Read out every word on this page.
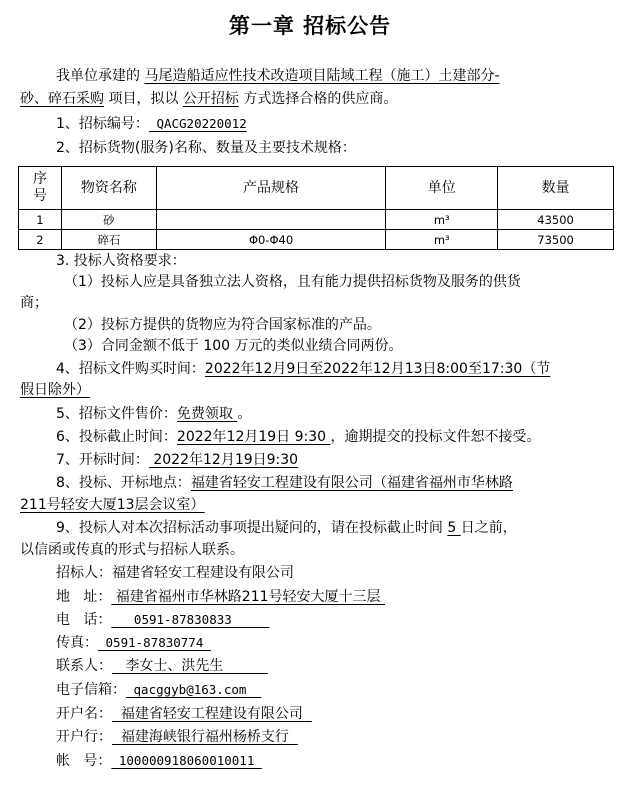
第一章 招标公告
我单位承建的 马尾造船适应性技术改造项目陆域工程（施工）土建部分-
砂、碎石采购 项目，拟以 公开招标 方式选择合格的供应商。
1、招标编号： QACG20220012
2、招标货物(服务)名称、数量及主要技术规格：
序号	物资名称	产品规格	单位	数量
1	砂		m³	43500
2	碎石	Φ0-Φ40	m³	73500
3. 投标人资格要求：
（1）投标人应是具备独立法人资格，且有能力提供招标货物及服务的供货
商；
（2）投标方提供的货物应为符合国家标准的产品。
（3）合同金额不低于 100 万元的类似业绩合同两份。
4、招标文件购买时间：2022年12月9日至2022年12月13日8:00至17:30（节
假日除外）
5、招标文件售价：免费领取 。
6、投标截止时间：2022年12月19日 9:30 ，逾期提交的投标文件恕不接受。
7、开标时间： 2022年12月19日9:30
8、投标、开标地点：福建省轻安工程建设有限公司（福建省福州市华林路
211号轻安大厦13层会议室）
9、投标人对本次招标活动事项提出疑问的，请在投标截止时间 5 日之前，
以信函或传真的形式与招标人联系。
招标人：福建省轻安工程建设有限公司
地   址： 福建省福州市华林路211号轻安大厦十三层
电   话：   0591-87830833
传真： 0591-87830774
联系人：   李女士、洪先生
电子信箱： qacggyb@163.com
开户名：  福建省轻安工程建设有限公司
开户行：  福建海峡银行福州杨桥支行
帐   号： 100000918060010011
